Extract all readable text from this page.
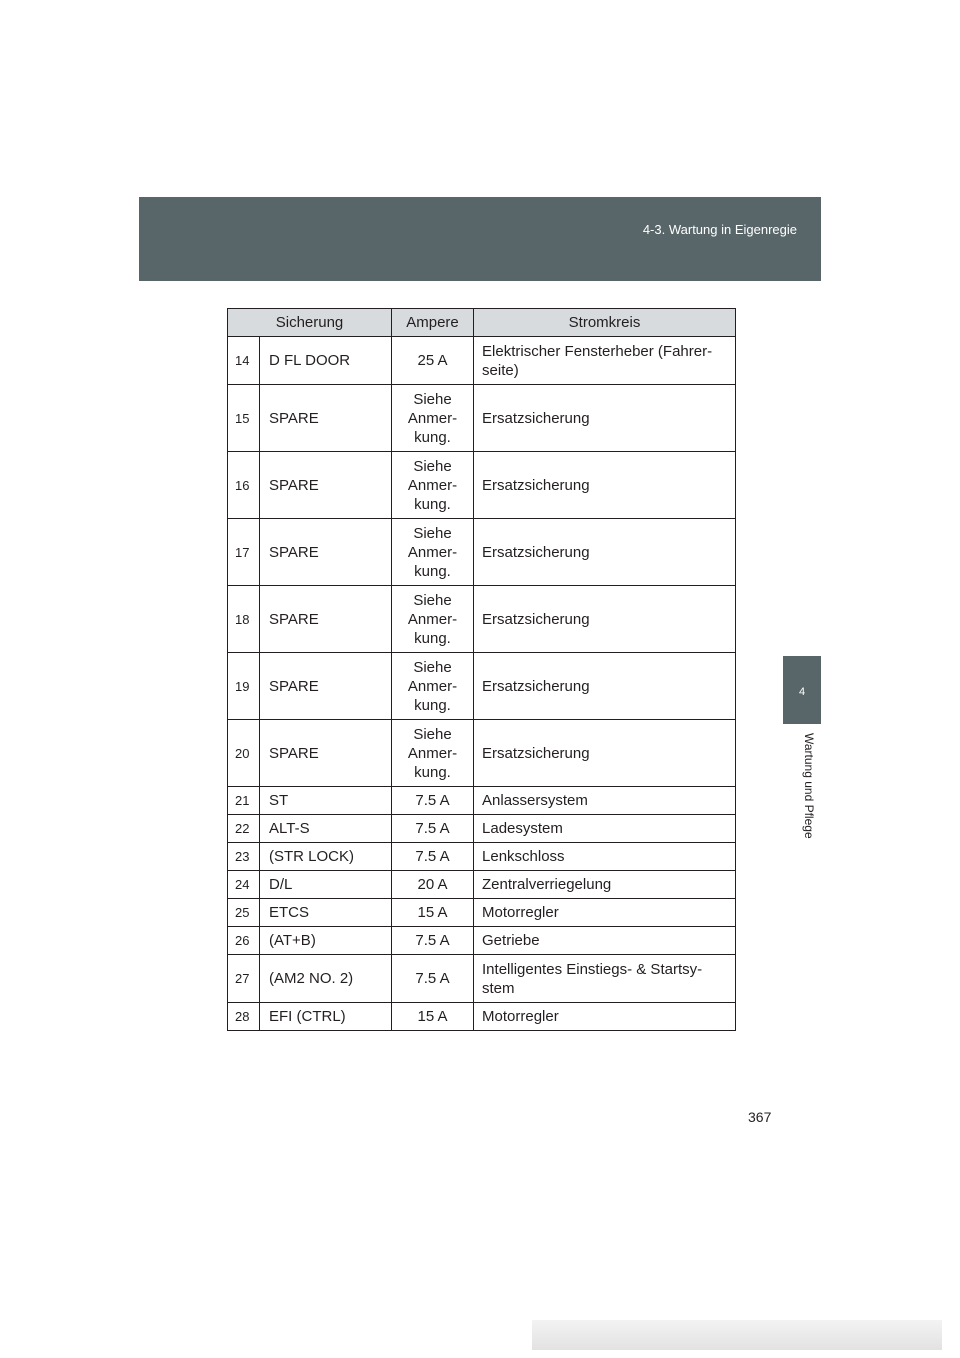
4-3. Wartung in Eigenregie
4
Wartung und Pflege
Sicherung		Ampere	Stromkreis
14	D FL DOOR	25 A	Elektrischer Fensterheber (Fahrer-seite)
15	SPARE	Siehe Anmer-kung.	Ersatzsicherung
16	SPARE	Siehe Anmer-kung.	Ersatzsicherung
17	SPARE	Siehe Anmer-kung.	Ersatzsicherung
18	SPARE	Siehe Anmer-kung.	Ersatzsicherung
19	SPARE	Siehe Anmer-kung.	Ersatzsicherung
20	SPARE	Siehe Anmer-kung.	Ersatzsicherung
21	ST	7.5 A	Anlassersystem
22	ALT-S	7.5 A	Ladesystem
23	(STR LOCK)	7.5 A	Lenkschloss
24	D/L	20 A	Zentralverriegelung
25	ETCS	15 A	Motorregler
26	(AT+B)	7.5 A	Getriebe
27	(AM2 NO. 2)	7.5 A	Intelligentes Einstiegs- & Startsy-stem
28	EFI (CTRL)	15 A	Motorregler
367
